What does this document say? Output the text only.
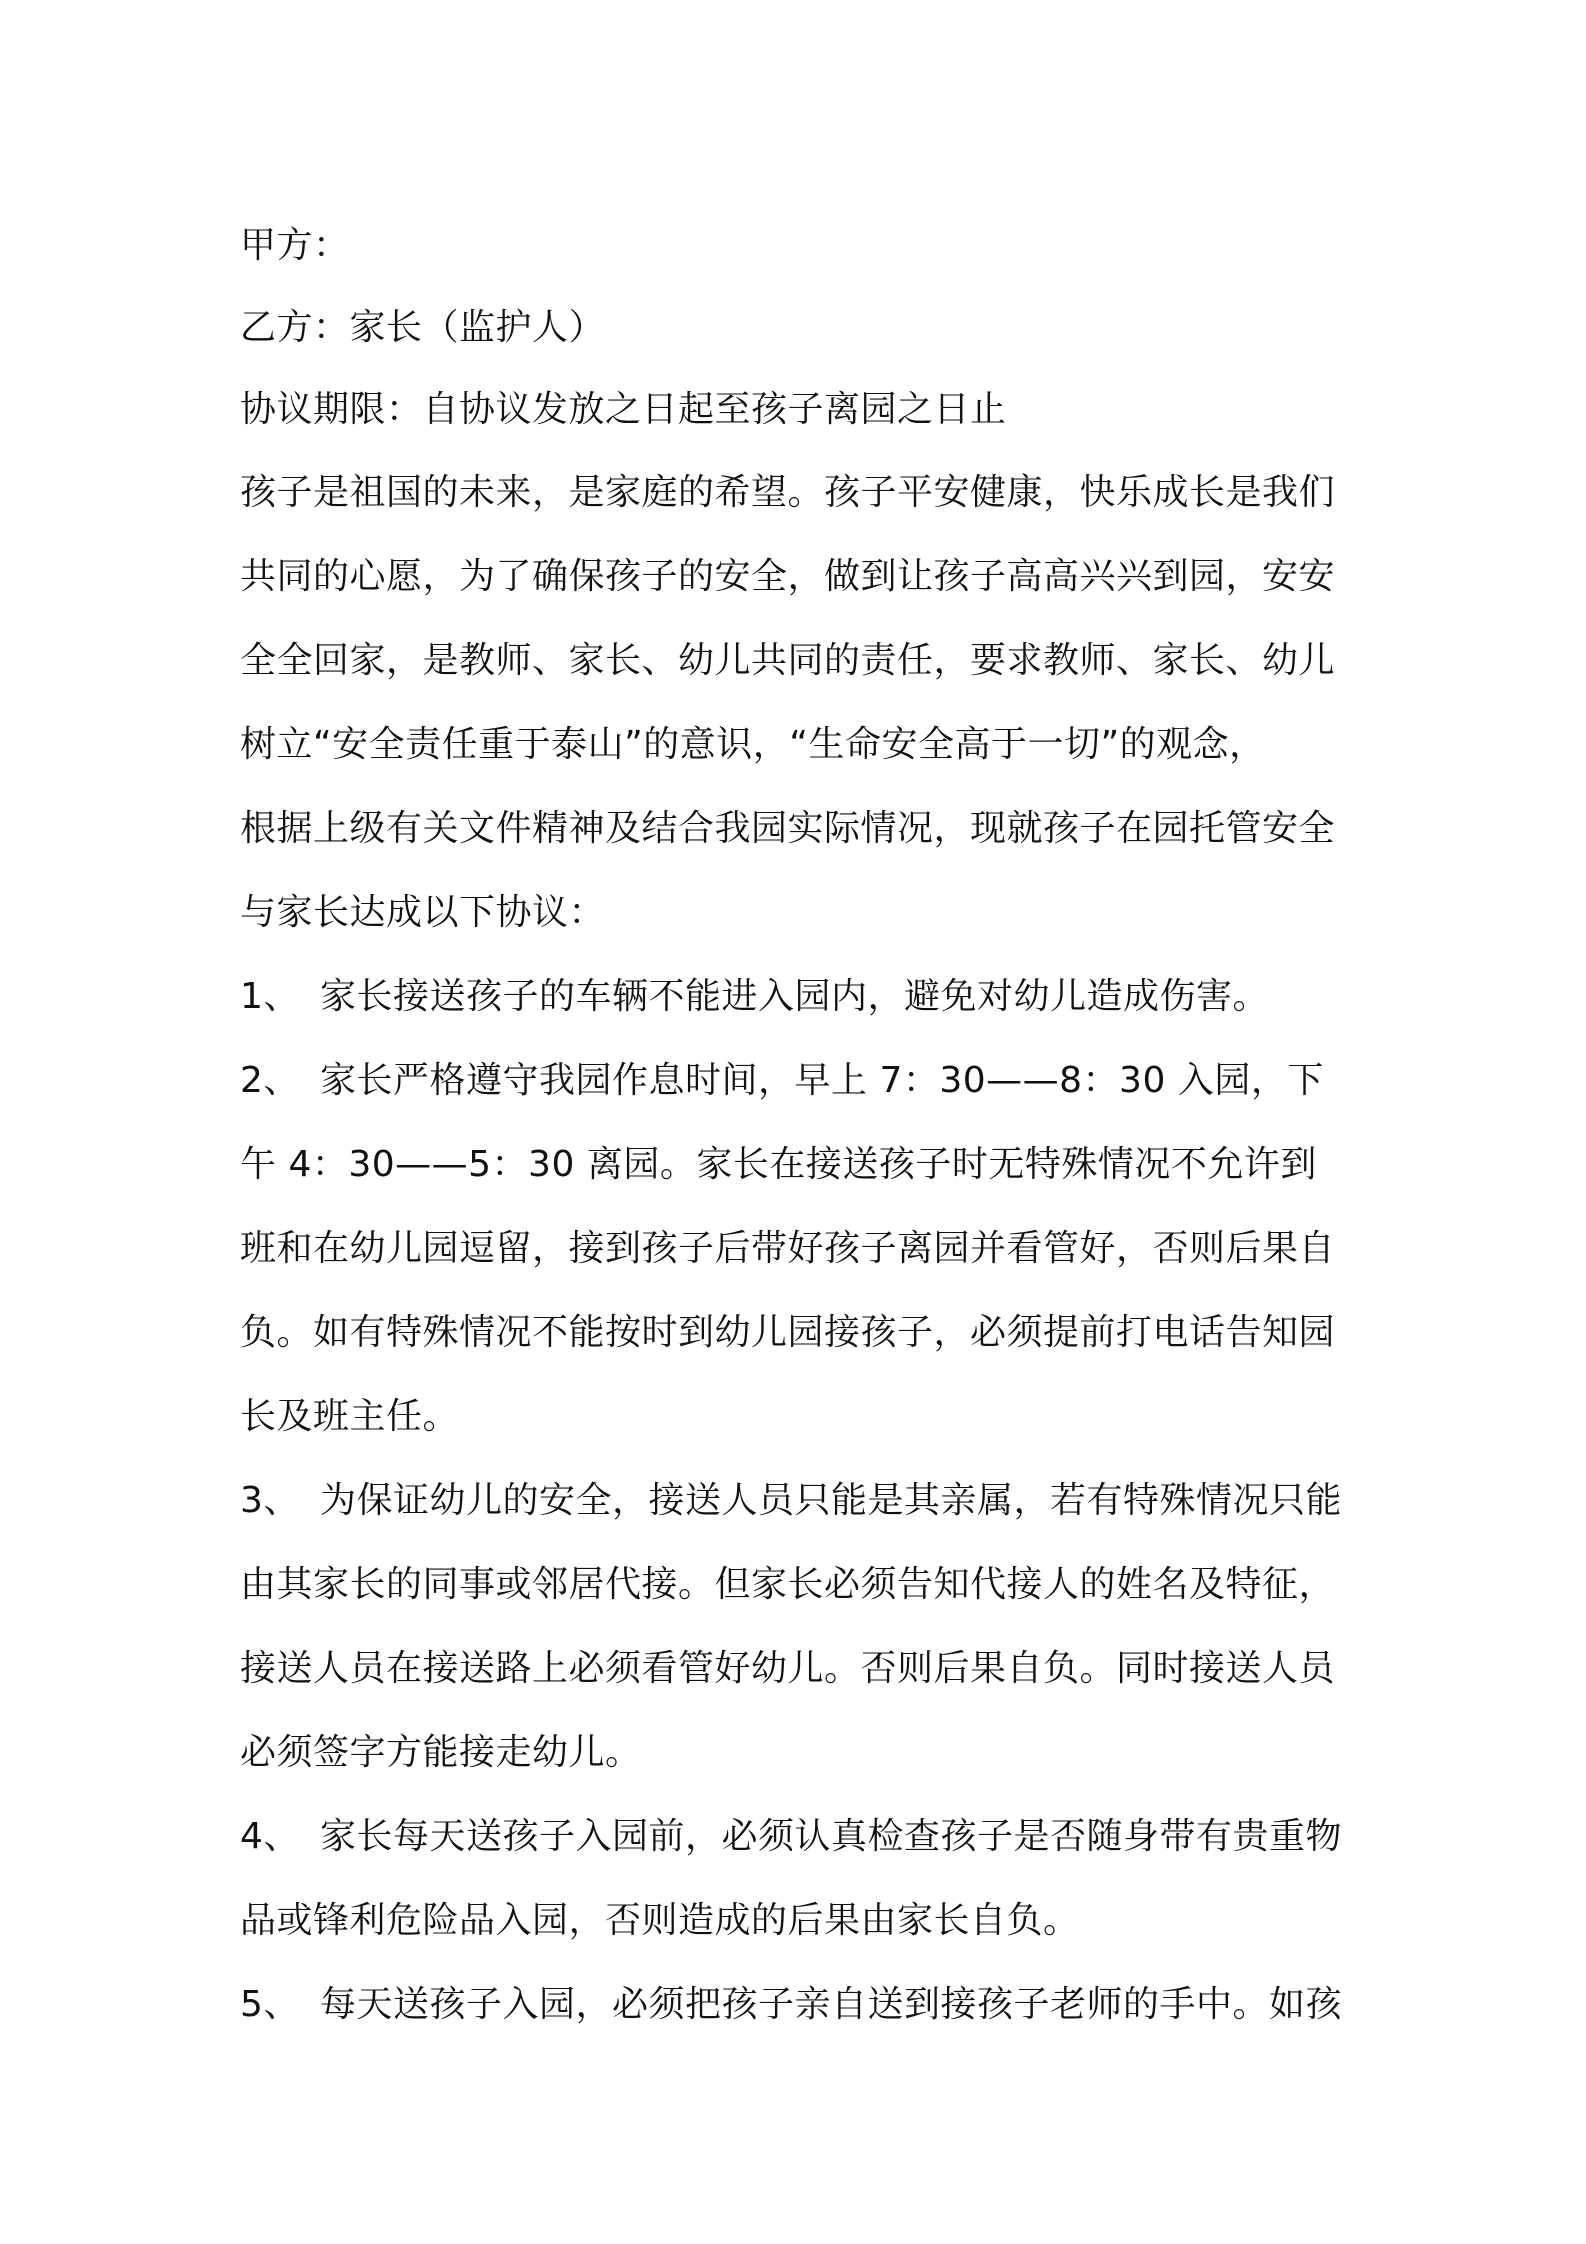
甲方：
乙方：家长（监护人）
协议期限：自协议发放之日起至孩子离园之日止
孩子是祖国的未来，是家庭的希望。孩子平安健康，快乐成长是我们
共同的心愿，为了确保孩子的安全，做到让孩子高高兴兴到园，安安
全全回家，是教师、家长、幼儿共同的责任，要求教师、家长、幼儿
树立“安全责任重于泰山”的意识，“生命安全高于一切”的观念，
根据上级有关文件精神及结合我园实际情况，现就孩子在园托管安全
与家长达成以下协议：
1、 家长接送孩子的车辆不能进入园内，避免对幼儿造成伤害。
2、 家长严格遵守我园作息时间，早上 7：30——8：30 入园，下
午 4：30——5：30 离园。家长在接送孩子时无特殊情况不允许到
班和在幼儿园逗留，接到孩子后带好孩子离园并看管好，否则后果自
负。如有特殊情况不能按时到幼儿园接孩子，必须提前打电话告知园
长及班主任。
3、 为保证幼儿的安全，接送人员只能是其亲属，若有特殊情况只能
由其家长的同事或邻居代接。但家长必须告知代接人的姓名及特征，
接送人员在接送路上必须看管好幼儿。否则后果自负。同时接送人员
必须签字方能接走幼儿。
4、 家长每天送孩子入园前，必须认真检查孩子是否随身带有贵重物
品或锋利危险品入园，否则造成的后果由家长自负。
5、 每天送孩子入园，必须把孩子亲自送到接孩子老师的手中。如孩
